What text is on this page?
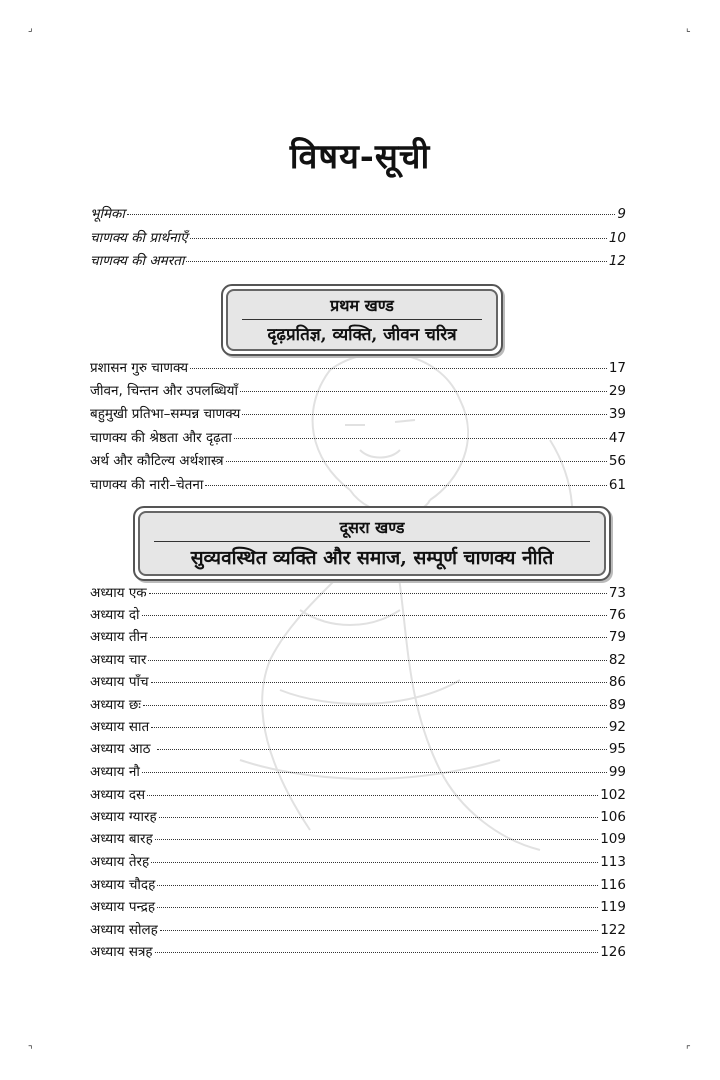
⌟	⌞
⌝	⌜
विषय-सूची
भूमिका	9
चाणक्य की प्रार्थनाएँ	10
चाणक्य की अमरता	12
प्रथम खण्ड
दृढ़प्रतिज्ञ, व्यक्ति, जीवन चरित्र
प्रशासन गुरु चाणक्य	17
जीवन, चिन्तन और उपलब्धियाँ	29
बहुमुखी प्रतिभा–सम्पन्न चाणक्य	39
चाणक्य की श्रेष्ठता और दृढ़ता	47
अर्थ और कौटिल्य अर्थशास्त्र	56
चाणक्य की नारी–चेतना	61
दूसरा खण्ड
सुव्यवस्थित व्यक्ति और समाज, सम्पूर्ण चाणक्य नीति
अध्याय एक	73
अध्याय दो	76
अध्याय तीन	79
अध्याय चार	82
अध्याय पाँच	86
अध्याय छः	89
अध्याय सात	92
अध्याय आठ	95
अध्याय नौ	99
अध्याय दस	102
अध्याय ग्यारह	106
अध्याय बारह	109
अध्याय तेरह	113
अध्याय चौदह	116
अध्याय पन्द्रह	119
अध्याय सोलह	122
अध्याय सत्रह	126
